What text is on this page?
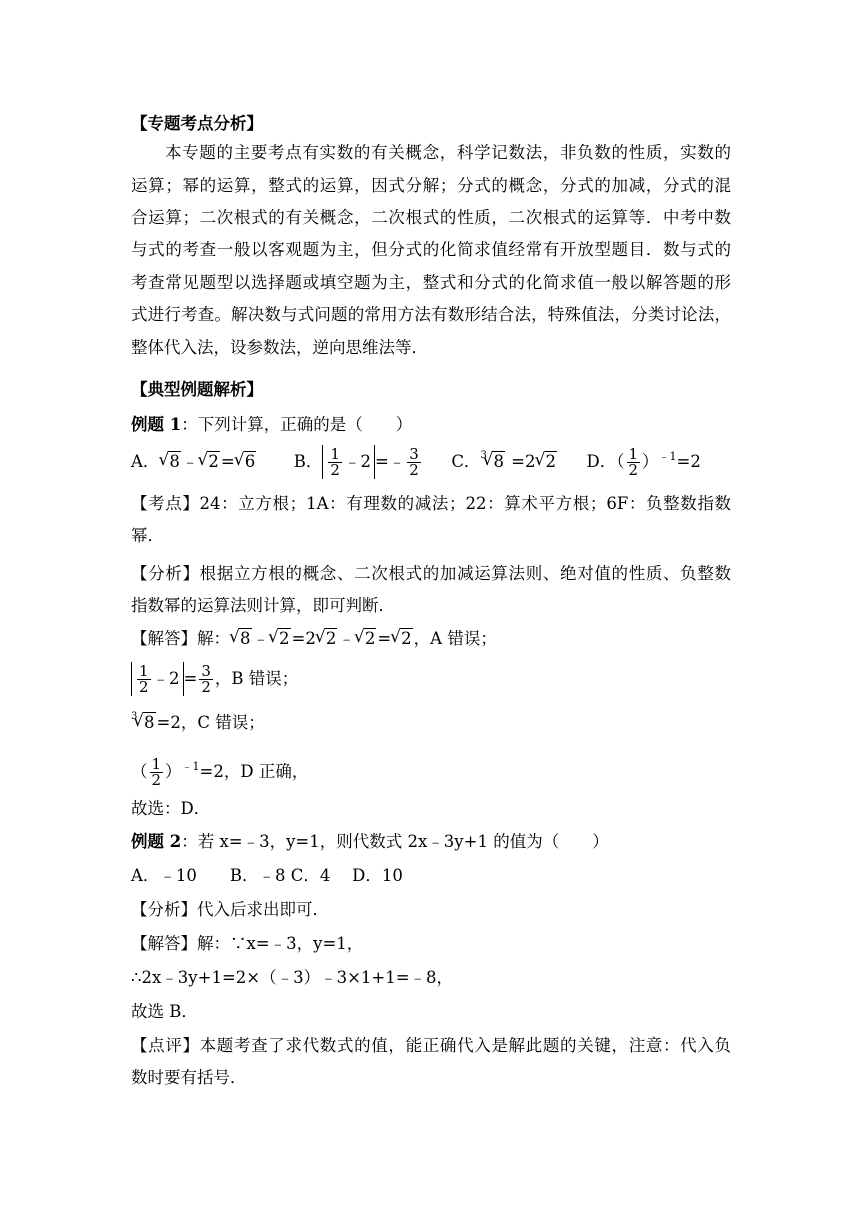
【专题考点分析】
本专题的主要考点有实数的有关概念，科学记数法，非负数的性质，实数的
运算；幂的运算，整式的运算，因式分解；分式的概念，分式的加减，分式的混
合运算；二次根式的有关概念，二次根式的性质，二次根式的运算等．中考中数
与式的考查一般以客观题为主，但分式的化简求值经常有开放型题目．数与式的
考查常见题型以选择题或填空题为主，整式和分式的化简求值一般以解答题的形
式进行考查。解决数与式问题的常用方法有数形结合法，特殊值法，分类讨论法，
整体代入法，设参数法，逆向思维法等．
【典型例题解析】
例题 1：下列计算，正确的是（　　）
A． √ 8 ﹣ √ 2 = √ 6 B． $\frac{1}{2}$ ﹣2 =﹣ $\frac{3}{2}$ C． √ 3 8 =2 √ 2 D．（ $\frac{1}{2} )^{﹣1}=2$
【考点】24：立方根；1A：有理数的减法；22：算术平方根；6F：负整数指数
幂．
【分析】根据立方根的概念、二次根式的加减运算法则、绝对值的性质、负整数
指数幂的运算法则计算，即可判断．
【解答】解： √ 8 ﹣ √ 2 =2 √ 2 ﹣ √ 2 = √ 2 ，A 错误；
$\frac{1}{2}$ ﹣2 = $\frac{3}{2}$ ，B 错误；
√ 3 8 =2，C 错误；
（ $\frac{1}{2} )^{﹣1}=2$，D 正确，
故选：D．
例题 2：若 x=﹣3，y=1，则代数式 2x﹣3y+1 的值为（　　）
A．﹣10　　B．﹣8 C．4　 D．10
【分析】代入后求出即可．
【解答】解：∵x=﹣3，y=1，
∴2x﹣3y+1=2×（﹣3）﹣3×1+1=﹣8，
故选 B．
【点评】本题考查了求代数式的值，能正确代入是解此题的关键，注意：代入负
数时要有括号．
